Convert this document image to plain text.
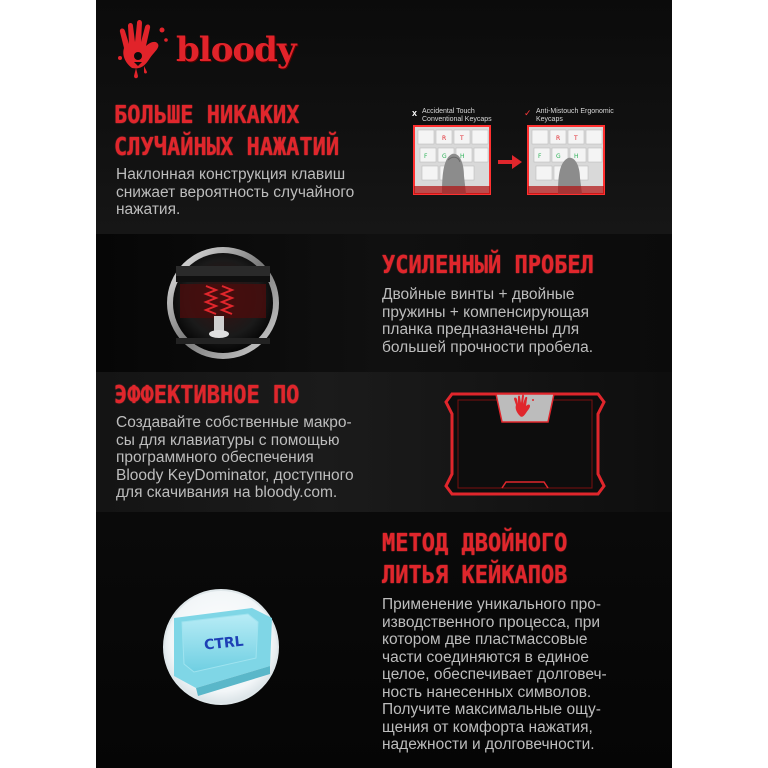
bloody
БОЛЬШЕ НИКАКИХ
СЛУЧАЙНЫХ НАЖАТИЙ
Наклонная конструкция клавиш
снижает вероятность случайного
нажатия.
x Accidental Touch
Conventional Keycaps
✓ Anti-Mistouch Ergonomic
Keycaps
F G H
R T
F G H
R T
УСИЛЕННЫЙ ПРОБЕЛ
Двойные винты + двойные
пружины + компенсирующая
планка предназначены для
большей прочности пробела.
ЭФФЕКТИВНОЕ ПО
Создавайте собственные макро-
сы для клавиатуры с помощью
программного обеспечения
Bloody KeyDominator, доступного
для скачивания на bloody.com.
CTRL
МЕТОД ДВОЙНОГО
ЛИТЬЯ КЕЙКАПОВ
Применение уникального про-
изводственного процесса, при
котором две пластмассовые
части соединяются в единое
целое, обеспечивает долговеч-
ность нанесенных символов.
Получите максимальные ощу-
щения от комфорта нажатия,
надежности и долговечности.
